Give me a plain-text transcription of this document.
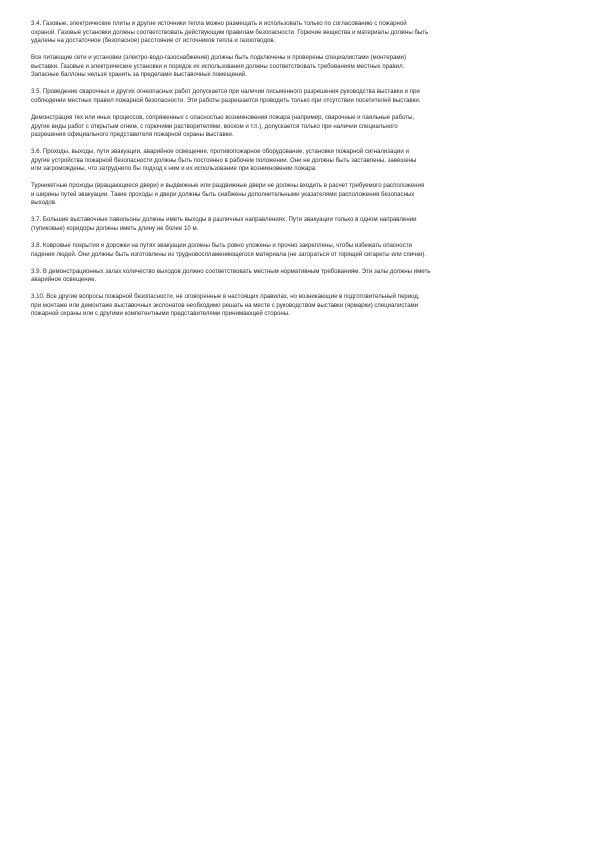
3.4. Газовые, электрические плиты и другие источники тепла можно размещать и использовать только по согласованию с пожарной
охраной. Газовые установки должны соответствовать действующим правилам безопасности. Горючие вещества и материалы должны быть
удалены на достаточное (безопасное) расстояние от источников тепла и газоотводов.

Все питающие сети и установки (электро-водо-газоснабжения) должны быть подключены и проверены специалистами (монтерами)
выставки. Газовые и электрические установки и порядок их использования должны соответствовать требованиям местных правил.
Запасные баллоны нельзя хранить за пределами выставочных помещений.

3.5. Проведение сварочных и других огнеопасных работ допускается при наличии письменного разрешения руководства выставки и при
соблюдении местных правил пожарной безопасности. Эти работы разрешается проводить только при отсутствии посетителей выставки.

Демонстрация тех или иных процессов, сопряженных с опасностью возникновения пожара (например, сварочные и паяльные работы,
другие виды работ с открытым огнем, с горючими растворителями, воском и т.п.), допускается только при наличии специального
разрешения официального представителя пожарной охраны выставки.

3.6. Проходы, выходы, пути эвакуации, аварийное освещение, противопожарное оборудование, установки пожарной сигнализации и
другие устройства пожарной безопасности должны быть постоянно в рабочем положении. Они не должны быть заставлены, завешены
или загромождены, что затруднило бы подход к ним и их использование при возникновении пожара.

Турникетные проходы (вращающиеся двери) и выдвижные или раздвижные двери не должны входить в расчет требуемого расположения
и ширины путей эвакуации. Такие проходы и двери должны быть снабжены дополнительными указателями расположения безопасных
выходов.

3.7. Большие выставочные павильоны должны иметь выходы в различных направлениях. Пути эвакуации только в одном направлении
(тупиковые) коридоры должны иметь длину не более 10 м.

3.8. Ковровые покрытия и дорожки на путях эвакуации должны быть ровно уложены и прочно закреплены, чтобы избежать опасности
падения людей. Они должны быть изготовлены из трудновоспламеняющегося материала (не загораться от горящей сигареты или спички).

3.9. В демонстрационных залах количество выходов должно соответствовать местным нормативным требованиям. Эти залы должны иметь
аварийное освещение.

3.10. Все другие вопросы пожарной безопасности, не оговоренные в настоящих правилах, но возникающие в подготовительный период,
при монтаже или демонтаже выставочных экспонатов необходимо решать на месте с руководством выставки (ярмарки) специалистами
пожарной охраны или с другими компетентными представителями принимающей стороны.
